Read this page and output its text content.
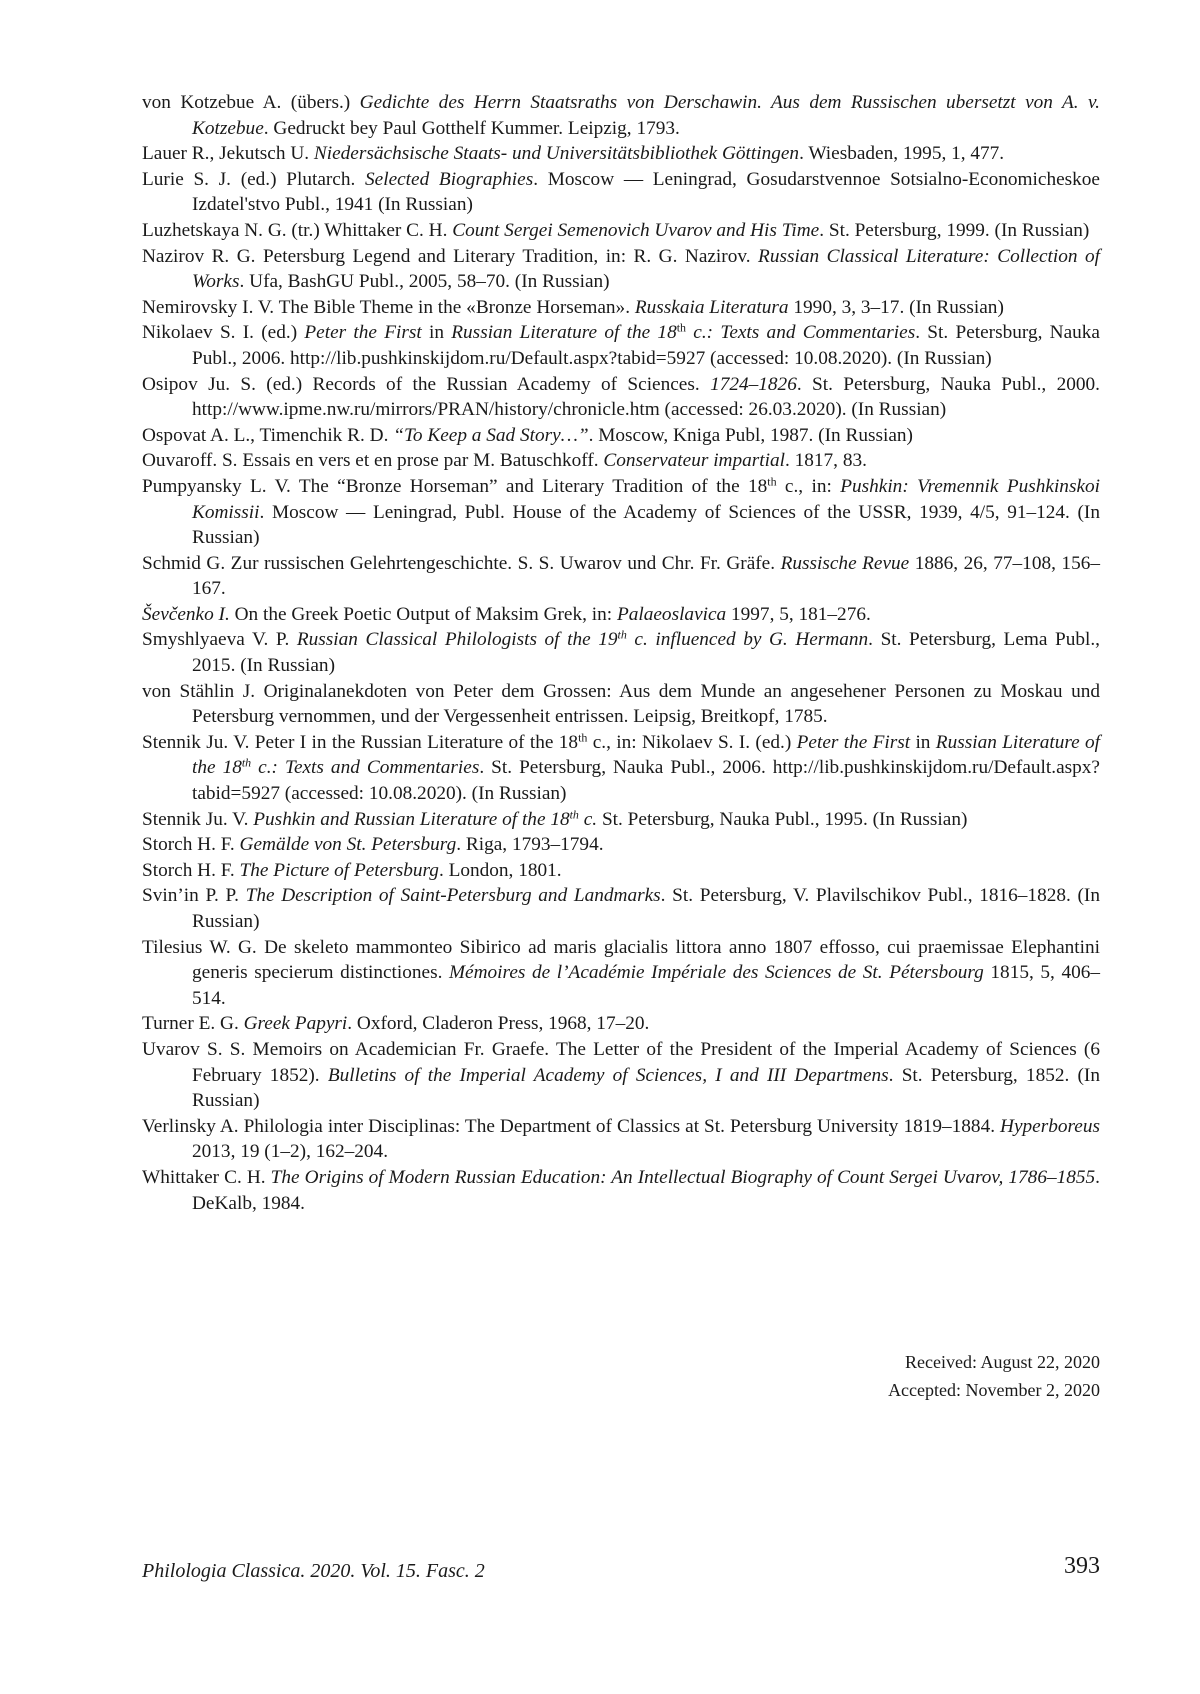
von Kotzebue A. (übers.) Gedichte des Herrn Staatsraths von Derschawin. Aus dem Russischen ubersetzt von A. v. Kotzebue. Gedruckt bey Paul Gotthelf Kummer. Leipzig, 1793.
Lauer R., Jekutsch U. Niedersächsische Staats- und Universitätsbibliothek Göttingen. Wiesbaden, 1995, 1, 477.
Lurie S. J. (ed.) Plutarch. Selected Biographies. Moscow — Leningrad, Gosudarstvennoe Sotsialno-Economicheskoe Izdatel'stvo Publ., 1941 (In Russian)
Luzhetskaya N. G. (tr.) Whittaker C. H. Count Sergei Semenovich Uvarov and His Time. St. Petersburg, 1999. (In Russian)
Nazirov R. G. Petersburg Legend and Literary Tradition, in: R. G. Nazirov. Russian Classical Literature: Collection of Works. Ufa, BashGU Publ., 2005, 58–70. (In Russian)
Nemirovsky I. V. The Bible Theme in the «Bronze Horseman». Russkaia Literatura 1990, 3, 3–17. (In Russian)
Nikolaev S. I. (ed.) Peter the First in Russian Literature of the 18th c.: Texts and Commentaries. St. Petersburg, Nauka Publ., 2006. http://lib.pushkinskijdom.ru/Default.aspx?tabid=5927 (accessed: 10.08.2020). (In Russian)
Osipov Ju. S. (ed.) Records of the Russian Academy of Sciences. 1724–1826. St. Petersburg, Nauka Publ., 2000. http://www.ipme.nw.ru/mirrors/PRAN/history/chronicle.htm (accessed: 26.03.2020). (In Russian)
Ospovat A. L., Timenchik R. D. “To Keep a Sad Story…”. Moscow, Kniga Publ, 1987. (In Russian)
Ouvaroff. S. Essais en vers et en prose par M. Batuschkoff. Conservateur impartial. 1817, 83.
Pumpyansky L. V. The “Bronze Horseman” and Literary Tradition of the 18th c., in: Pushkin: Vremennik Pushkinskoi Komissii. Moscow — Leningrad, Publ. House of the Academy of Sciences of the USSR, 1939, 4/5, 91–124. (In Russian)
Schmid G. Zur russischen Gelehrtengeschichte. S. S. Uwarov und Chr. Fr. Gräfe. Russische Revue 1886, 26, 77–108, 156–167.
Ševčenko I. On the Greek Poetic Output of Maksim Grek, in: Palaeoslavica 1997, 5, 181–276.
Smyshlyaeva V. P. Russian Classical Philologists of the 19th c. influenced by G. Hermann. St. Petersburg, Lema Publ., 2015. (In Russian)
von Stählin J. Originalanekdoten von Peter dem Grossen: Aus dem Munde an angesehener Personen zu Moskau und Petersburg vernommen, und der Vergessenheit entrissen. Leipsig, Breitkopf, 1785.
Stennik Ju. V. Peter I in the Russian Literature of the 18th c., in: Nikolaev S. I. (ed.) Peter the First in Russian Literature of the 18th c.: Texts and Commentaries. St. Petersburg, Nauka Publ., 2006. http://lib.pushkinskijdom.ru/Default.aspx?tabid=5927 (accessed: 10.08.2020). (In Russian)
Stennik Ju. V. Pushkin and Russian Literature of the 18th c. St. Petersburg, Nauka Publ., 1995. (In Russian)
Storch H. F. Gemälde von St. Petersburg. Riga, 1793–1794.
Storch H. F. The Picture of Petersburg. London, 1801.
Svin’in P. P. The Description of Saint-Petersburg and Landmarks. St. Petersburg, V. Plavilschikov Publ., 1816–1828. (In Russian)
Tilesius W. G. De skeleto mammonteo Sibirico ad maris glacialis littora anno 1807 effosso, cui praemissae Elephantini generis specierum distinctiones. Mémoires de l’Académie Impériale des Sciences de St. Pétersbourg 1815, 5, 406–514.
Turner E. G. Greek Papyri. Oxford, Claderon Press, 1968, 17–20.
Uvarov S. S. Memoirs on Academician Fr. Graefe. The Letter of the President of the Imperial Academy of Sciences (6 February 1852). Bulletins of the Imperial Academy of Sciences, I and III Departmens. St. Petersburg, 1852. (In Russian)
Verlinsky A. Philologia inter Disciplinas: The Department of Classics at St. Petersburg University 1819–1884. Hyperboreus 2013, 19 (1–2), 162–204.
Whittaker C. H. The Origins of Modern Russian Education: An Intellectual Biography of Count Sergei Uvarov, 1786–1855. DeKalb, 1984.
Received: August 22, 2020
Accepted: November 2, 2020
Philologia Classica. 2020. Vol. 15. Fasc. 2	393
